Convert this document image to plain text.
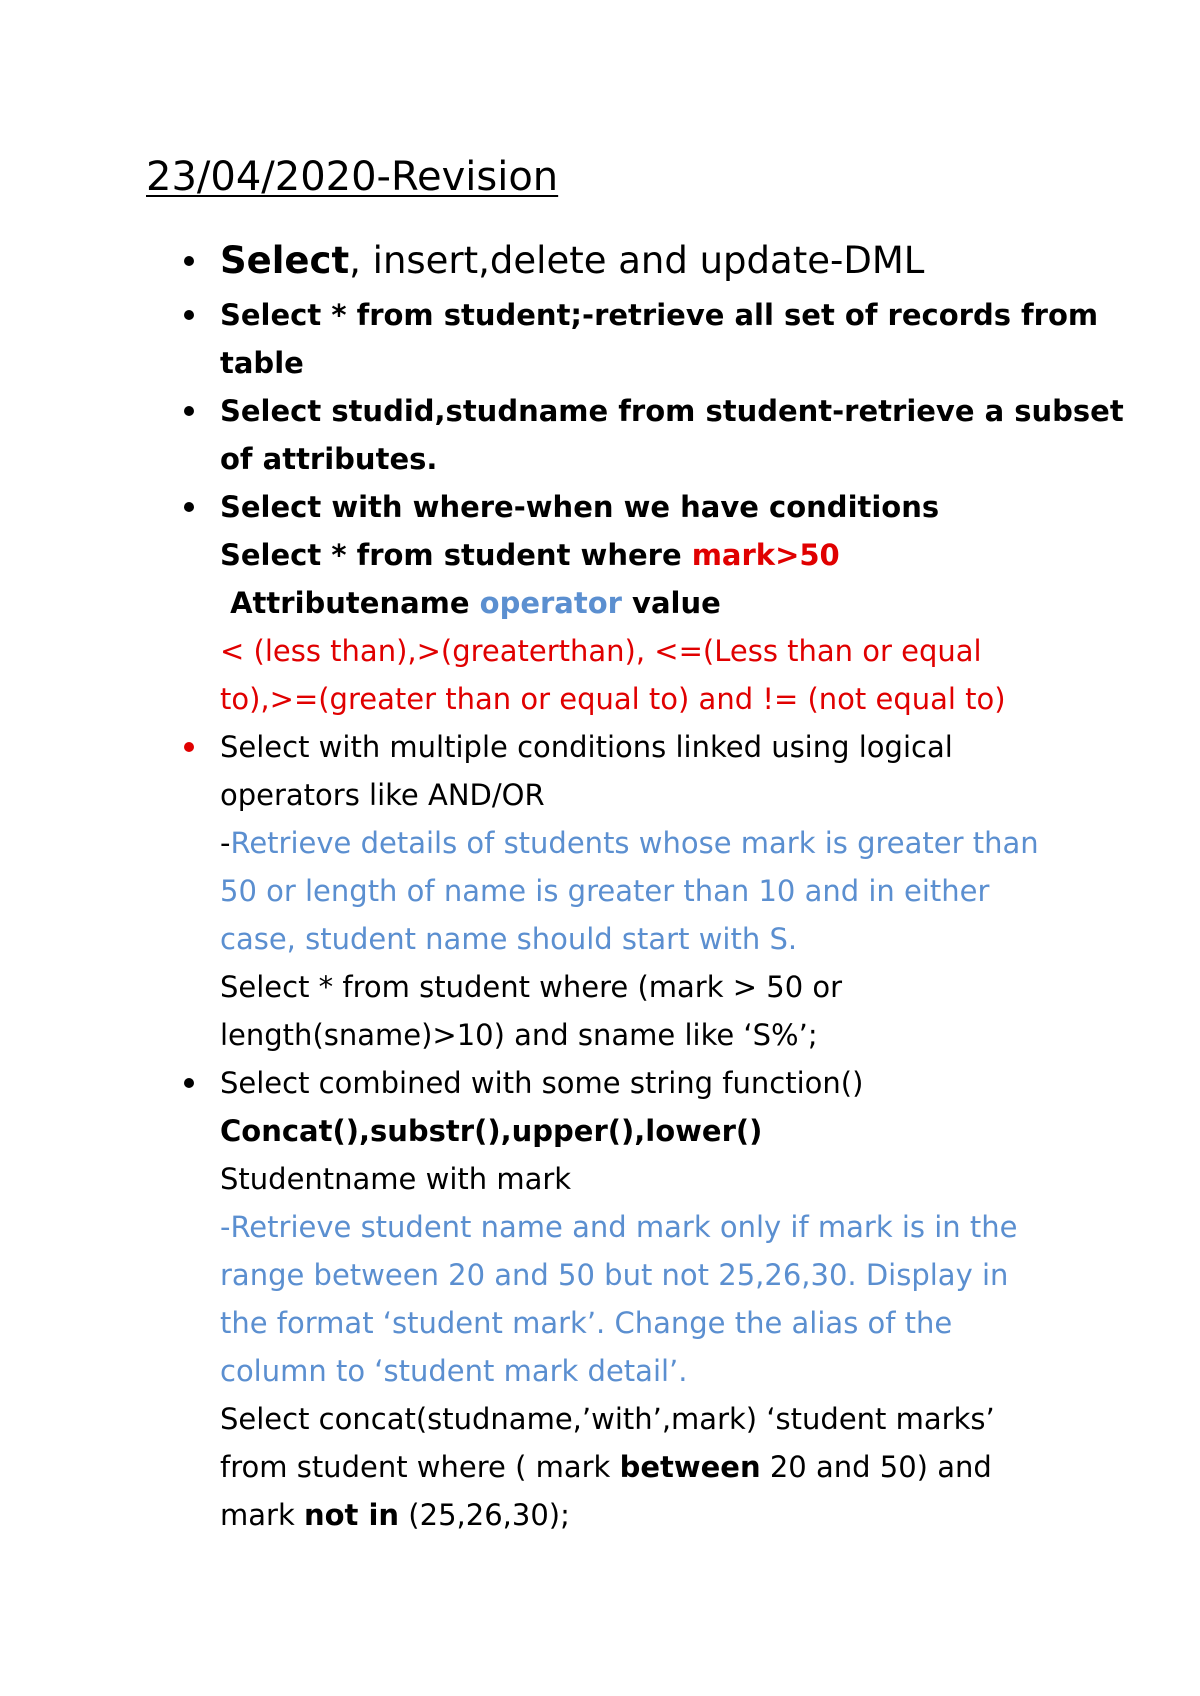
23/04/2020-Revision
Select, insert,delete and update-DML
Select * from student;-retrieve all set of records from
table
Select studid,studname from student-retrieve a subset
of attributes.
Select with where-when we have conditions
Select * from student where mark>50
Attributename operator value
< (less than),>(greaterthan), <=(Less than or equal
to),>=(greater than or equal to) and != (not equal to)
Select with multiple conditions linked using logical
operators like AND/OR
-Retrieve details of students whose mark is greater than
50 or length of name is greater than 10 and in either
case, student name should start with S.
Select * from student where (mark > 50 or
length(sname)>10) and sname like ‘S%’;
Select combined with some string function()
Concat(),substr(),upper(),lower()
Studentname with mark
-Retrieve student name and mark only if mark is in the
range between 20 and 50 but not 25,26,30. Display in
the format ‘student mark’. Change the alias of the
column to ‘student mark detail’.
Select concat(studname,’with’,mark) ‘student marks’
from student where ( mark between 20 and 50) and
mark not in (25,26,30);
